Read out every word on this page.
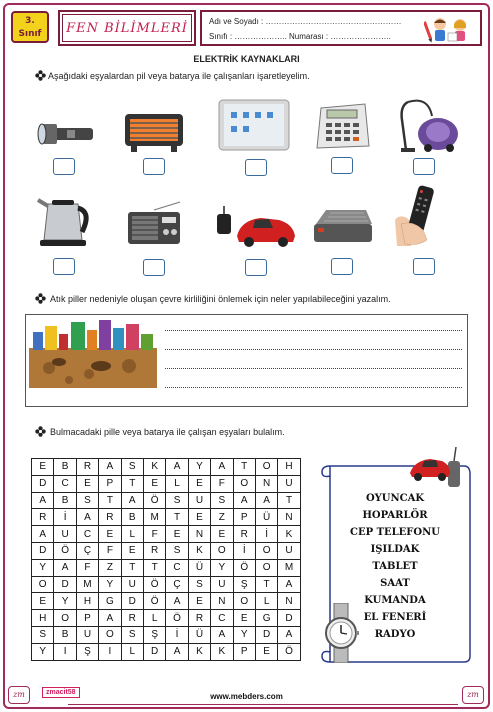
3.
Sınıf	FEN BİLİMLERİ	Adı ve Soyadı : ……………………………………………
Sınıfı : ……………….. Numarası : …………………..
ELEKTRİK KAYNAKLARI
Aşağıdaki eşyalardan pil veya batarya ile çalışanları işaretleyelim.
Atık piller nedeniyle oluşan çevre kirliliğini önlemek için neler yapılabileceğini yazalım.
Bulmacadaki pille veya batarya ile çalışan eşyaları bulalım.
E	B	R	A	S	K	A	Y	A	T	O	H
D	C	E	P	T	E	L	E	F	O	N	U
A	B	S	T	A	Ö	S	U	S	A	A	T
R	İ	A	R	B	M	T	E	Z	P	Ü	N
A	U	C	E	L	F	E	N	E	R	İ	K
D	Ö	Ç	F	E	R	S	K	O	İ	O	U
Y	A	F	Z	T	T	C	Ü	Y	Ö	O	M
O	D	M	Y	U	Ö	Ç	S	U	Ş	T	A
E	Y	H	G	D	Ö	A	E	N	O	L	N
H	O	P	A	R	L	Ö	R	C	E	G	D
S	B	U	O	S	Ş	İ	Ü	A	Y	D	A
Y	I	Ş	I	L	D	A	K	K	P	E	Ö
OYUNCAK
HOPARLÖR
CEP TELEFONU
IŞILDAK
TABLET
SAAT
KUMANDA
EL FENERİ
RADYO
zm	zmacit58	www.mebders.com	zm
